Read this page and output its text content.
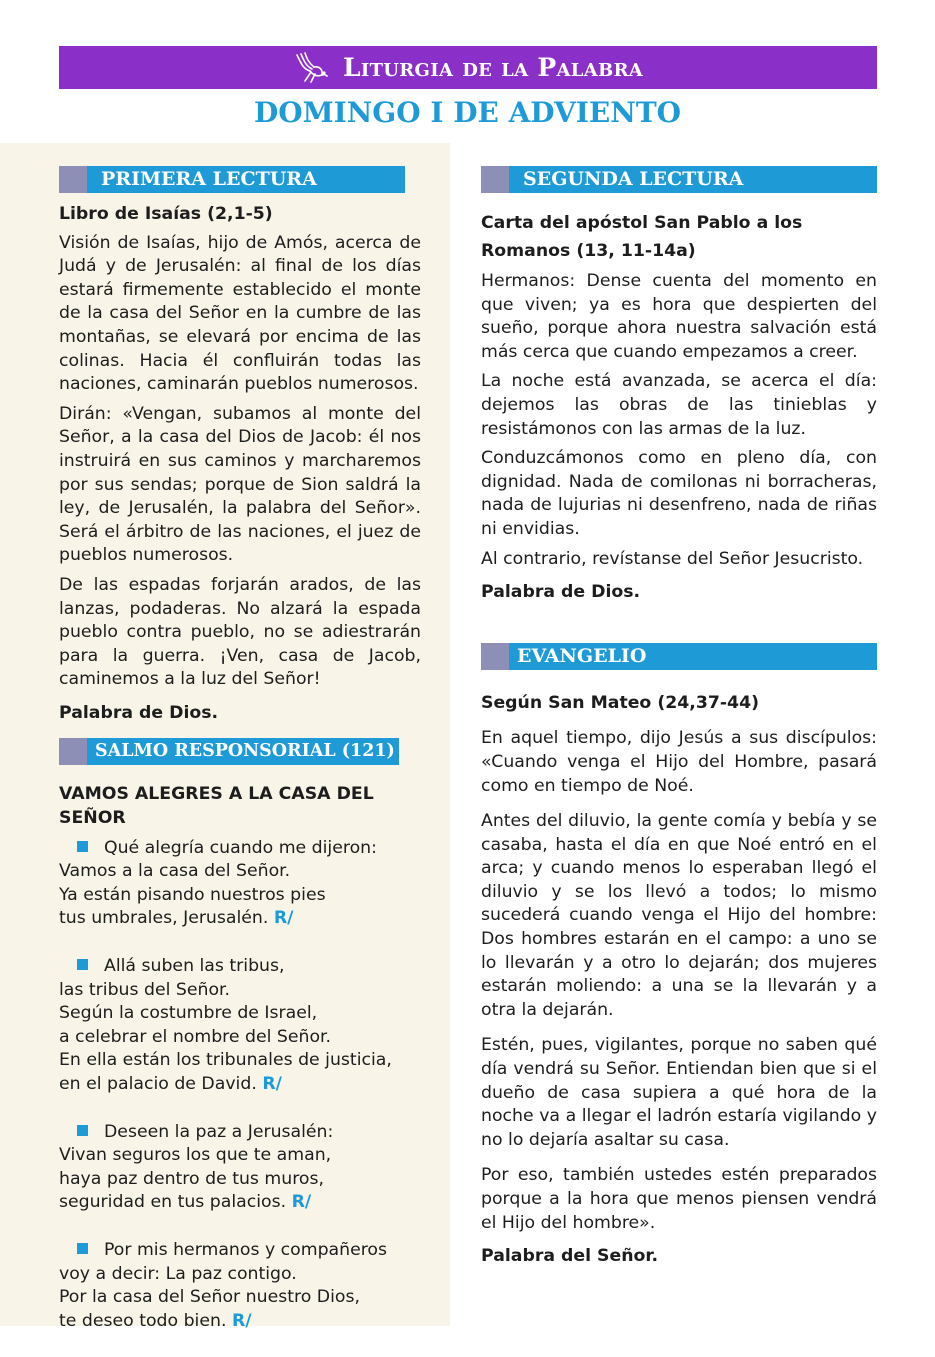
Liturgia de la Palabra
DOMINGO I DE ADVIENTO
PRIMERA LECTURA

Libro de Isaías (2,1-5)

Visión de Isaías, hijo de Amós, acerca de Judá y de Jerusalén: al final de los días estará firmemente establecido el monte de la casa del Señor en la cumbre de las montañas, se elevará por encima de las colinas. Hacia él confluirán todas las naciones, caminarán pueblos numerosos.

Dirán: «Vengan, subamos al monte del Señor, a la casa del Dios de Jacob: él nos instruirá en sus caminos y marcharemos por sus sendas; porque de Sion saldrá la ley, de Jerusalén, la palabra del Señor». Será el árbitro de las naciones, el juez de pueblos numerosos.

De las espadas forjarán arados, de las lanzas, podaderas. No alzará la espada pueblo contra pueblo, no se adiestrarán para la guerra. ¡Ven, casa de Jacob, caminemos a la luz del Señor!

Palabra de Dios.

SALMO RESPONSORIAL (121)

VAMOS ALEGRES A LA CASA DEL SEÑOR

Qué alegría cuando me dijeron:
Vamos a la casa del Señor.
Ya están pisando nuestros pies
tus umbrales, Jerusalén. R/
Allá suben las tribus,
las tribus del Señor.
Según la costumbre de Israel,
a celebrar el nombre del Señor.
En ella están los tribunales de justicia,
en el palacio de David. R/
Deseen la paz a Jerusalén:
Vivan seguros los que te aman,
haya paz dentro de tus muros,
seguridad en tus palacios. R/
Por mis hermanos y compañeros
voy a decir: La paz contigo.
Por la casa del Señor nuestro Dios,
te deseo todo bien. R/
SEGUNDA LECTURA

Carta del apóstol San Pablo a los Romanos (13, 11-14a)

Hermanos: Dense cuenta del momento en que viven; ya es hora que despierten del sueño, porque ahora nuestra salvación está más cerca que cuando empezamos a creer.

La noche está avanzada, se acerca el día: dejemos las obras de las tinieblas y resistámonos con las armas de la luz.

Conduzcámonos como en pleno día, con dignidad. Nada de comilonas ni borracheras, nada de lujurias ni desenfreno, nada de riñas ni envidias.

Al contrario, revístanse del Señor Jesucristo.

Palabra de Dios.

EVANGELIO

Según San Mateo (24,37-44)

En aquel tiempo, dijo Jesús a sus discípulos: «Cuando venga el Hijo del Hombre, pasará como en tiempo de Noé.

Antes del diluvio, la gente comía y bebía y se casaba, hasta el día en que Noé entró en el arca; y cuando menos lo esperaban llegó el diluvio y se los llevó a todos; lo mismo sucederá cuando venga el Hijo del hombre: Dos hombres estarán en el campo: a uno se lo llevarán y a otro lo dejarán; dos mujeres estarán moliendo: a una se la llevarán y a otra la dejarán.

Estén, pues, vigilantes, porque no saben qué día vendrá su Señor. Entiendan bien que si el dueño de casa supiera a qué hora de la noche va a llegar el ladrón estaría vigilando y no lo dejaría asaltar su casa.

Por eso, también ustedes estén preparados porque a la hora que menos piensen vendrá el Hijo del hombre».

Palabra del Señor.
